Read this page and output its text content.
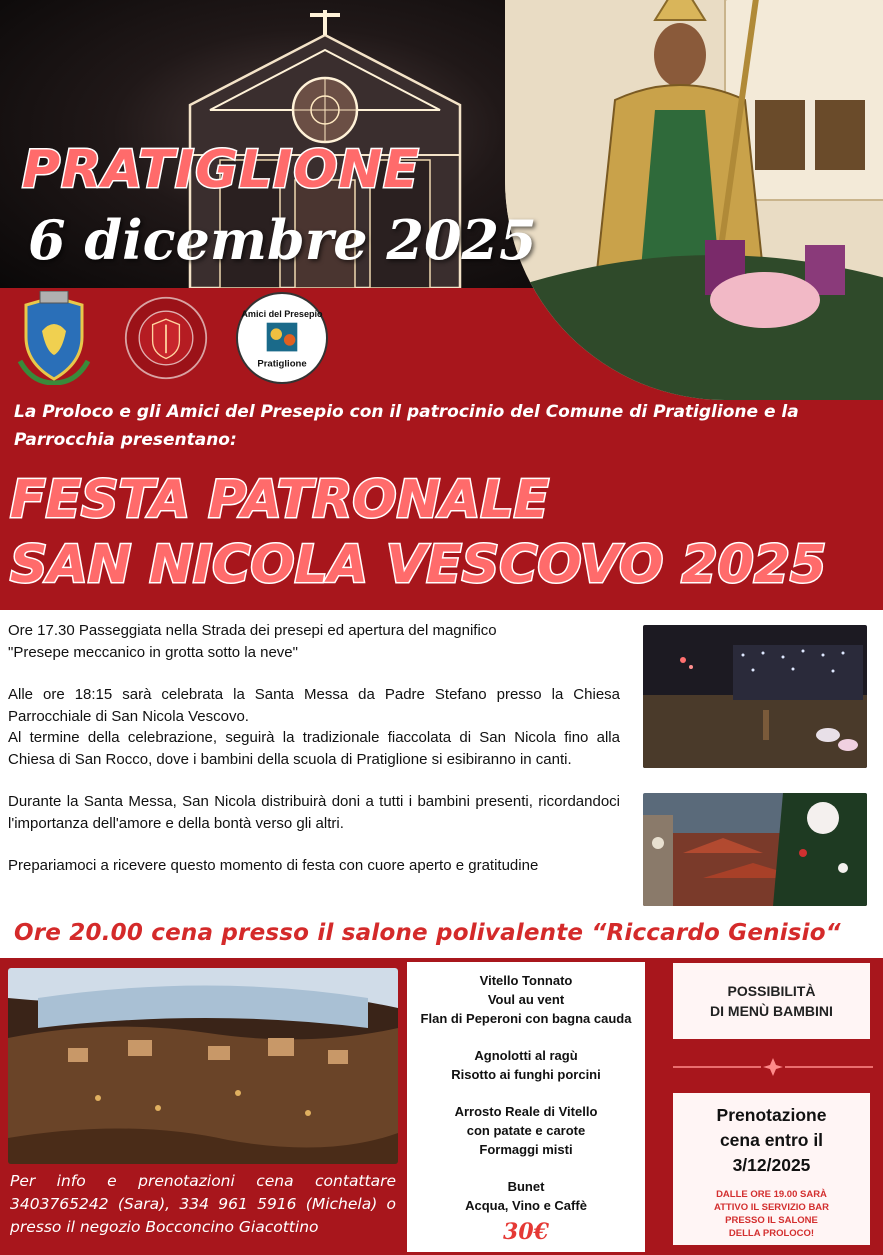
PRATIGLIONE
6 dicembre 2025
Amici del Presepio
Pratiglione
La Proloco e gli Amici del Presepio con il patrocinio del Comune di Pratiglione e la Parrocchia presentano:
FESTA PATRONALE
SAN NICOLA VESCOVO 2025

Ore 17.30 Passeggiata nella Strada dei presepi ed apertura del magnifico
"Presepe meccanico in grotta sotto la neve"

Alle ore 18:15 sarà celebrata la Santa Messa da Padre Stefano presso la Chiesa Parrocchiale di San Nicola Vescovo.
Al termine della celebrazione, seguirà la tradizionale fiaccolata di San Nicola fino alla Chiesa di San Rocco, dove i bambini della scuola di Pratiglione si esibiranno in canti.

Durante la Santa Messa, San Nicola distribuirà doni a tutti i bambini presenti, ricordandoci l'importanza dell'amore e della bontà verso gli altri.

Prepariamoci a ricevere questo momento di festa con cuore aperto e gratitudine

Ore 20.00 cena presso il salone polivalente “Riccardo Genisio“
Per info e prenotazioni cena contattare 3403765242 (Sara), 334 961 5916 (Michela) o presso il negozio Bocconcino Giacottino
Vitello Tonnato
Voul au vent
Flan di Peperoni con bagna cauda
Agnolotti al ragù
Risotto ai funghi porcini
Arrosto Reale di Vitello
con patate e carote
Formaggi misti
Bunet
Acqua, Vino e Caffè
30€
POSSIBILITÀ
DI MENÙ BAMBINI
Prenotazione
cena entro il
3/12/2025
DALLE ORE 19.00 SARÀ
ATTIVO IL SERVIZIO BAR
PRESSO IL SALONE
DELLA PROLOCO!
